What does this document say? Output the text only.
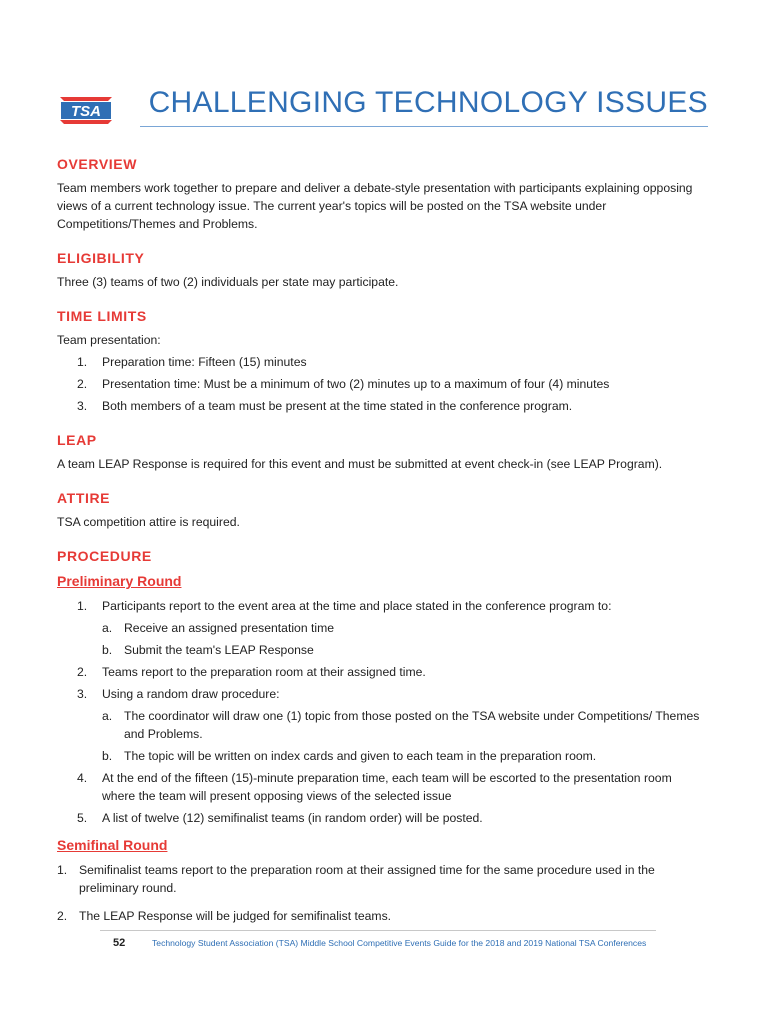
TSA CHALLENGING TECHNOLOGY ISSUES
OVERVIEW

Team members work together to prepare and deliver a debate-style presentation with participants explaining opposing views of a current technology issue. The current year's topics will be posted on the TSA website under Competitions/Themes and Problems.

ELIGIBILITY

Three (3) teams of two (2) individuals per state may participate.

TIME LIMITS

Team presentation:

1. Preparation time: Fifteen (15) minutes
2. Presentation time: Must be a minimum of two (2) minutes up to a maximum of four (4) minutes
3. Both members of a team must be present at the time stated in the conference program.
LEAP

A team LEAP Response is required for this event and must be submitted at event check-in (see LEAP Program).

ATTIRE

TSA competition attire is required.

PROCEDURE
Preliminary Round
1. Participants report to the event area at the time and place stated in the conference program to:
a. Receive an assigned presentation time
b. Submit the team's LEAP Response
2. Teams report to the preparation room at their assigned time.
3. Using a random draw procedure:
a. The coordinator will draw one (1) topic from those posted on the TSA website under Competitions/ Themes and Problems.
b. The topic will be written on index cards and given to each team in the preparation room.
4. At the end of the fifteen (15)-minute preparation time, each team will be escorted to the presentation room where the team will present opposing views of the selected issue
5. A list of twelve (12) semifinalist teams (in random order) will be posted.
Semifinal Round
1. Semifinalist teams report to the preparation room at their assigned time for the same procedure used in the preliminary round.
2. The LEAP Response will be judged for semifinalist teams.
52	Technology Student Association (TSA) Middle School Competitive Events Guide for the 2018 and 2019 National TSA Conferences
